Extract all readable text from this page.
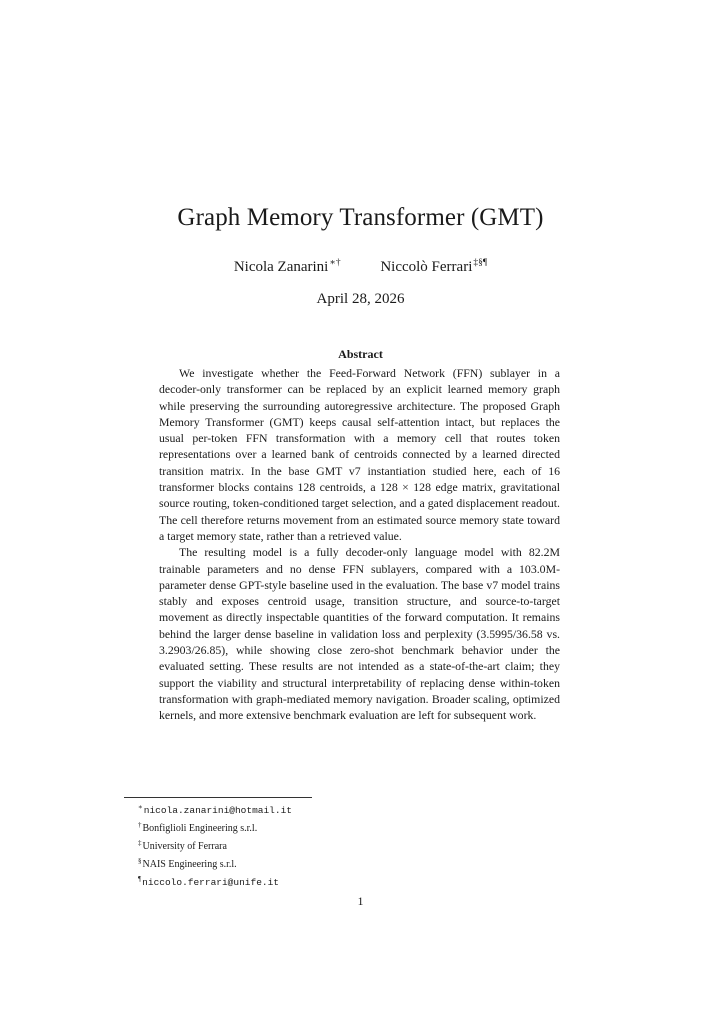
Graph Memory Transformer (GMT)
Nicola Zanarini∗†	Niccolò Ferrari‡§¶
April 28, 2026
Abstract

We investigate whether the Feed-Forward Network (FFN) sublayer in a decoder-only transformer can be replaced by an explicit learned memory graph while preserving the surrounding autoregressive architecture. The proposed Graph Memory Transformer (GMT) keeps causal self-attention intact, but replaces the usual per-token FFN transformation with a memory cell that routes token representations over a learned bank of centroids connected by a learned directed transition matrix. In the base GMT v7 instantiation studied here, each of 16 transformer blocks contains 128 centroids, a 128 × 128 edge matrix, gravitational source routing, token-conditioned target selection, and a gated displacement readout. The cell therefore returns movement from an estimated source memory state toward a target memory state, rather than a retrieved value.

The resulting model is a fully decoder-only language model with 82.2M trainable parameters and no dense FFN sublayers, compared with a 103.0M-parameter dense GPT-style baseline used in the evaluation. The base v7 model trains stably and exposes centroid usage, transition structure, and source-to-target movement as directly inspectable quantities of the forward computation. It remains behind the larger dense baseline in validation loss and perplexity (3.5995/36.58 vs. 3.2903/26.85), while showing close zero-shot benchmark behavior under the evaluated setting. These results are not intended as a state-of-the-art claim; they support the viability and structural interpretability of replacing dense within-token transformation with graph-mediated memory navigation. Broader scaling, optimized kernels, and more extensive benchmark evaluation are left for subsequent work.

∗nicola.zanarini@hotmail.it
†Bonfiglioli Engineering s.r.l.
‡University of Ferrara
§NAIS Engineering s.r.l.
¶niccolo.ferrari@unife.it
1
